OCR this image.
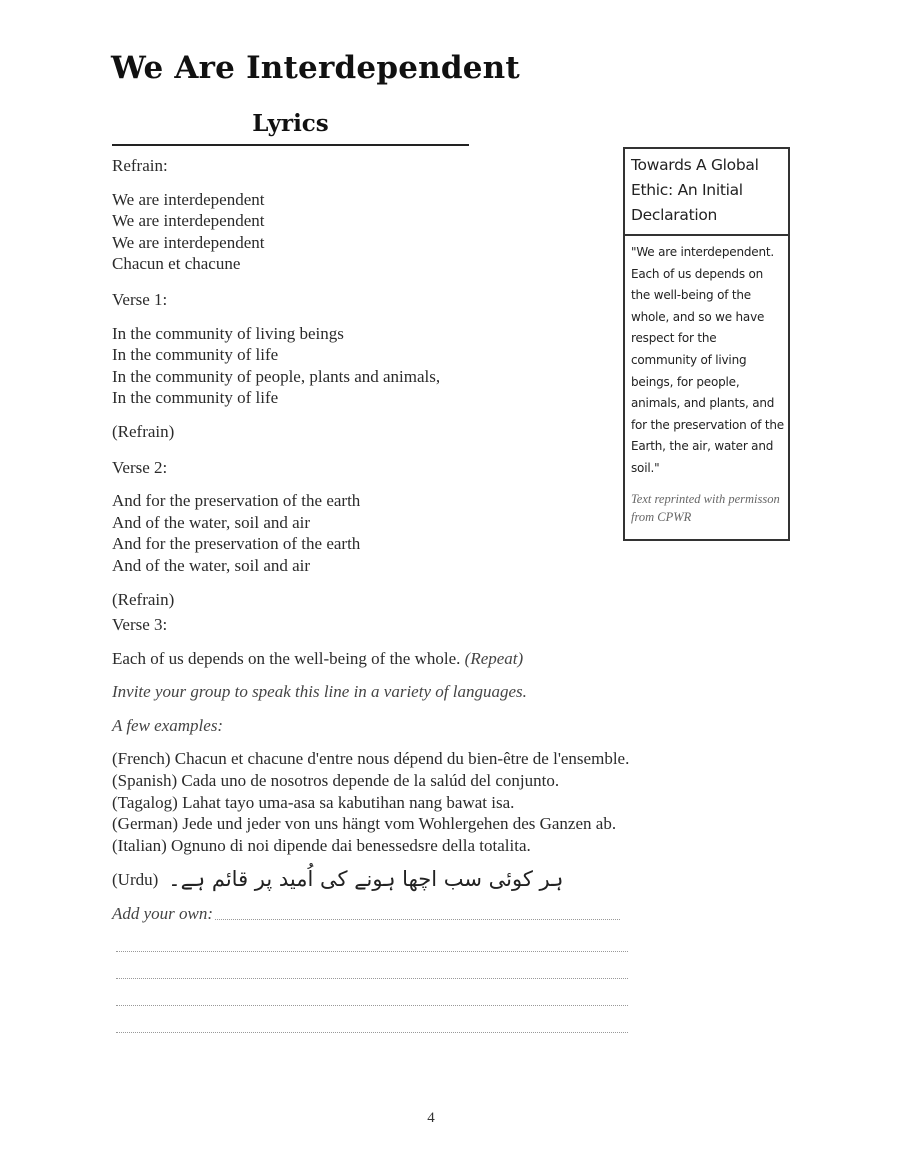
We Are Interdependent
Lyrics

Refrain:

We are interdependent

We are interdependent

We are interdependent

Chacun et chacune

Verse 1:

In the community of living beings

In the community of life

In the community of people, plants and animals,

In the community of life

(Refrain)

Verse 2:

And for the preservation of the earth

And of the water, soil and air

And for the preservation of the earth

And of the water, soil and air

(Refrain)

Verse 3:

Each of us depends on the well-being of the whole. (Repeat)

Invite your group to speak this line in a variety of languages.

A few examples:

(French) Chacun et chacune d'entre nous dépend du bien-être de l'ensemble.

(Spanish) Cada uno de nosotros depende de la salúd del conjunto.

(Tagalog) Lahat tayo uma-asa sa kabutihan nang bawat isa.

(German) Jede und jeder von uns hängt vom Wohlergehen des Ganzen ab.

(Italian) Ognuno di noi dipende dai benessedsre della totalita.

(Urdu) ہر کوئی سب اچھا ہونے کی اُمید پر قائم ہے۔
Add your own:
Towards A Global Ethic: An Initial Declaration
"We are interdependent. Each of us depends on the well-being of the whole, and so we have respect for the community of living beings, for people, animals, and plants, and for the preservation of the Earth, the air, water and soil."
Text reprinted with permisson from CPWR
4
